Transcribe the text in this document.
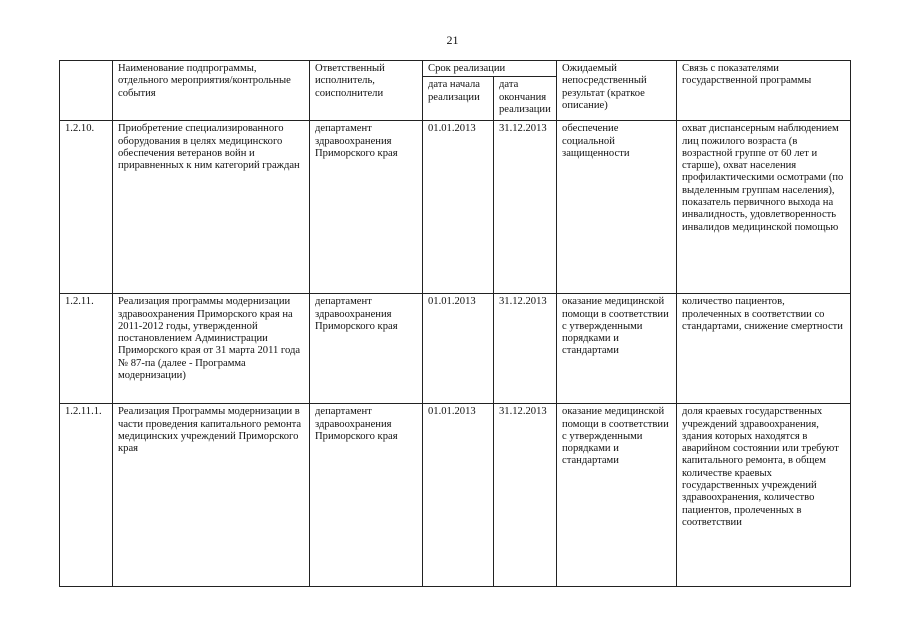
21
	Наименование подпрограммы, отдельного мероприятия/контрольные события	Ответственный исполнитель, соисполнители	Срок реализации		Ожидаемый непосредственный результат (краткое описание)	Связь с показателями государственной программы
			дата начала реализации	дата окончания реализации		
1.2.10.	Приобретение специализированного оборудования в целях медицинского обеспечения ветеранов войн и приравненных к ним категорий граждан	департамент здравоохранения Приморского края	01.01.2013	31.12.2013	обеспечение социальной защищенности	охват диспансерным наблюдением лиц пожилого возраста (в возрастной группе от 60 лет и старше), охват населения профилактическими осмотрами (по выделенным группам населения), показатель первичного выхода на инвалидность, удовлетворенность инвалидов медицинской помощью
1.2.11.	Реализация программы модернизации здравоохранения Приморского края на 2011-2012 годы, утвержденной постановлением Администрации Приморского края от 31 марта 2011 года № 87-па (далее - Программа модернизации)	департамент здравоохранения Приморского края	01.01.2013	31.12.2013	оказание медицинской помощи в соответствии с утвержденными порядками и стандартами	количество пациентов, пролеченных в соответствии со стандартами, снижение смертности
1.2.11.1.	Реализация Программы модернизации в части проведения капитального ремонта медицинских учреждений Приморского края	департамент здравоохранения Приморского края	01.01.2013	31.12.2013	оказание медицинской помощи в соответствии с утвержденными порядками и стандартами	доля краевых государственных учреждений здравоохранения, здания которых находятся в аварийном состоянии или требуют капитального ремонта, в общем количестве краевых государственных учреждений здравоохранения, количество пациентов, пролеченных в соответствии
